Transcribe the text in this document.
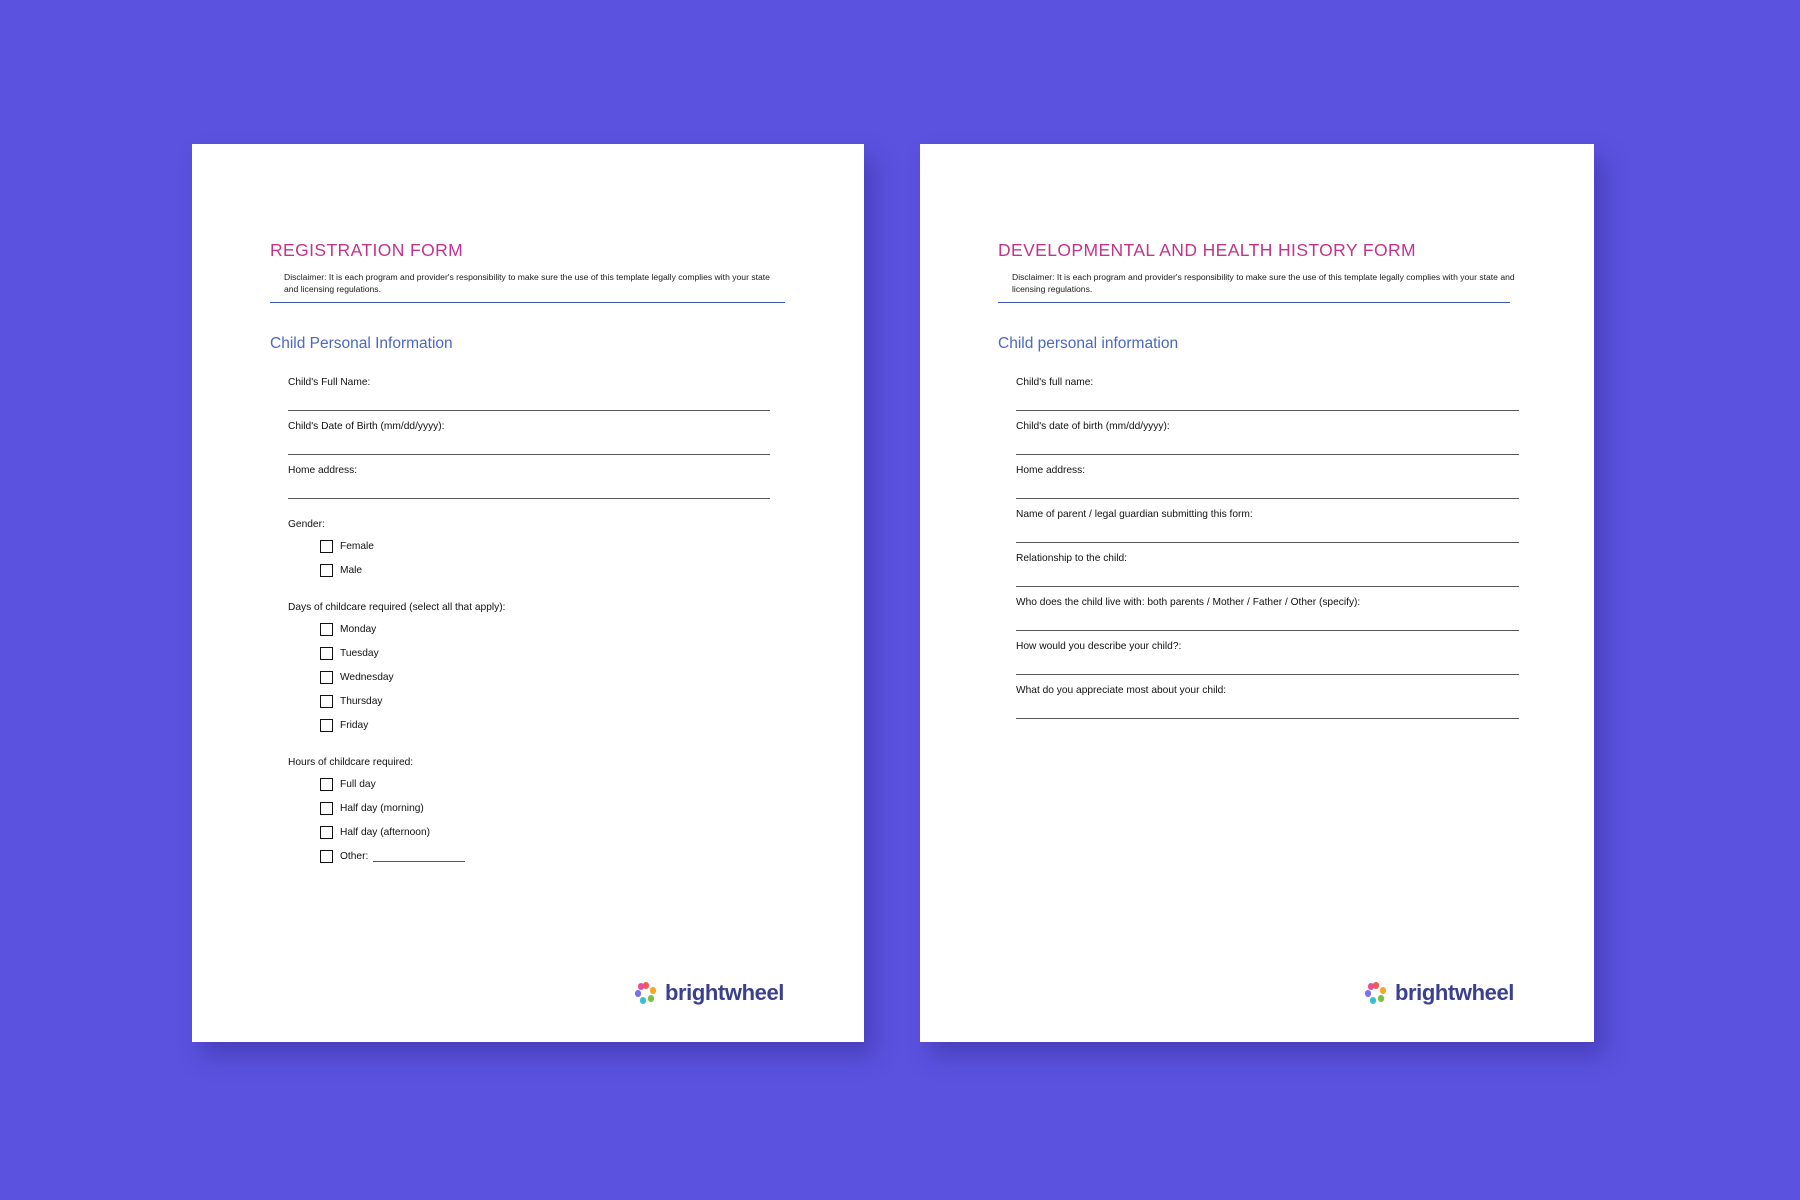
REGISTRATION FORM

Disclaimer: It is each program and provider's responsibility to make sure the use of this template legally complies with your state and licensing regulations.

Child Personal Information
Child's Full Name:
Child's Date of Birth (mm/dd/yyyy):
Home address:
Gender:
Female
Male
Days of childcare required (select all that apply):
Monday
Tuesday
Wednesday
Thursday
Friday
Hours of childcare required:
Full day
Half day (morning)
Half day (afternoon)
Other:
brightwheel
DEVELOPMENTAL AND HEALTH HISTORY FORM

Disclaimer: It is each program and provider's responsibility to make sure the use of this template legally complies with your state and licensing regulations.

Child personal information
Child's full name:
Child's date of birth (mm/dd/yyyy):
Home address:
Name of parent / legal guardian submitting this form:
Relationship to the child:
Who does the child live with: both parents / Mother / Father / Other (specify):
How would you describe your child?:
What do you appreciate most about your child:
brightwheel
